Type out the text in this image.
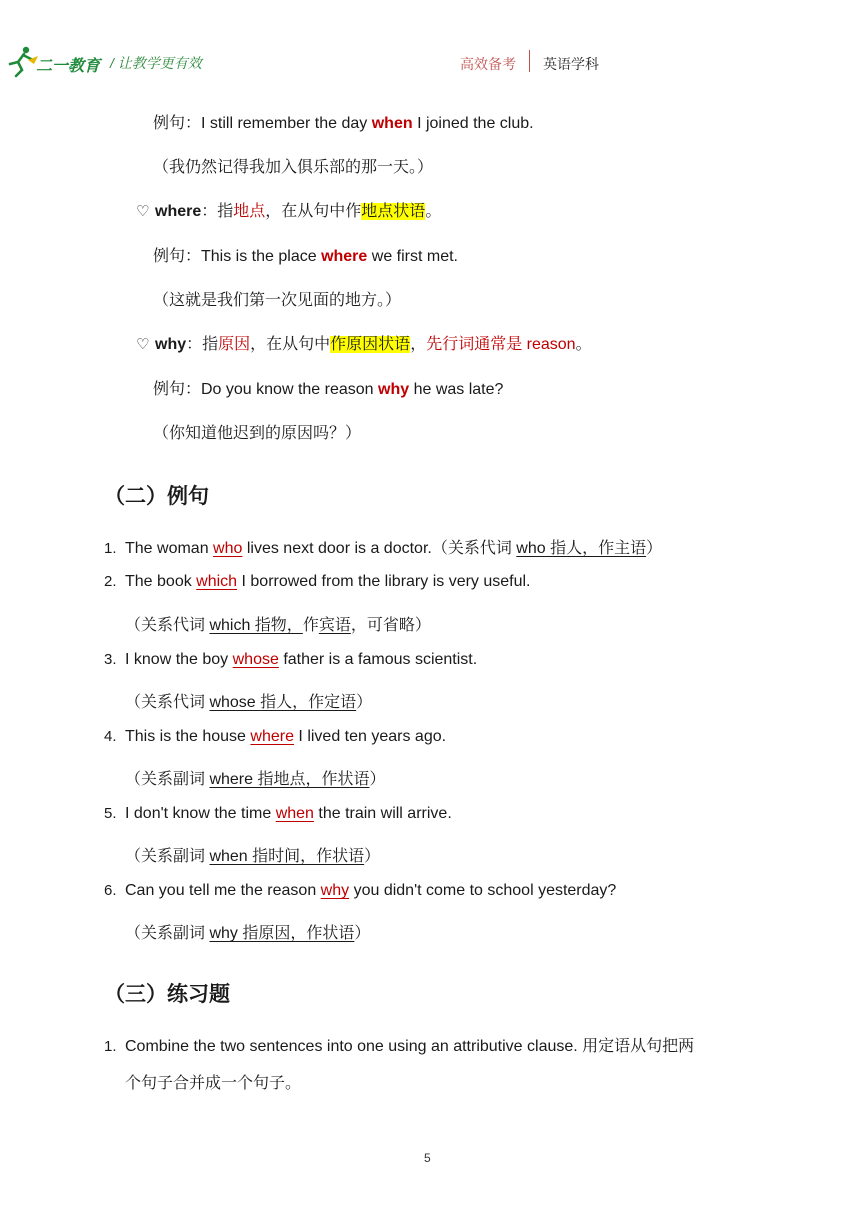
二一教育 / 让教学更有效	高效备考 英语学科
例句：I still remember the day when I joined the club.
（我仍然记得我加入俱乐部的那一天。）
♡ where：指地点，在从句中作地点状语。
例句：This is the place where we first met.
（这就是我们第一次见面的地方。）
♡ why：指原因，在从句中作原因状语，先行词通常是 reason。
例句：Do you know the reason why he was late?
（你知道他迟到的原因吗？）
（二）例句
1. The woman who lives next door is a doctor.（关系代词 who 指人，作主语）
2. The book which I borrowed from the library is very useful.
（关系代词 which 指物，作宾语，可省略）
3. I know the boy whose father is a famous scientist.
（关系代词 whose 指人，作定语）
4. This is the house where I lived ten years ago.
（关系副词 where 指地点，作状语）
5. I don't know the time when the train will arrive.
（关系副词 when 指时间，作状语）
6. Can you tell me the reason why you didn't come to school yesterday?
（关系副词 why 指原因，作状语）
（三）练习题
1. Combine the two sentences into one using an attributive clause. 用定语从句把两
个句子合并成一个句子。
5
